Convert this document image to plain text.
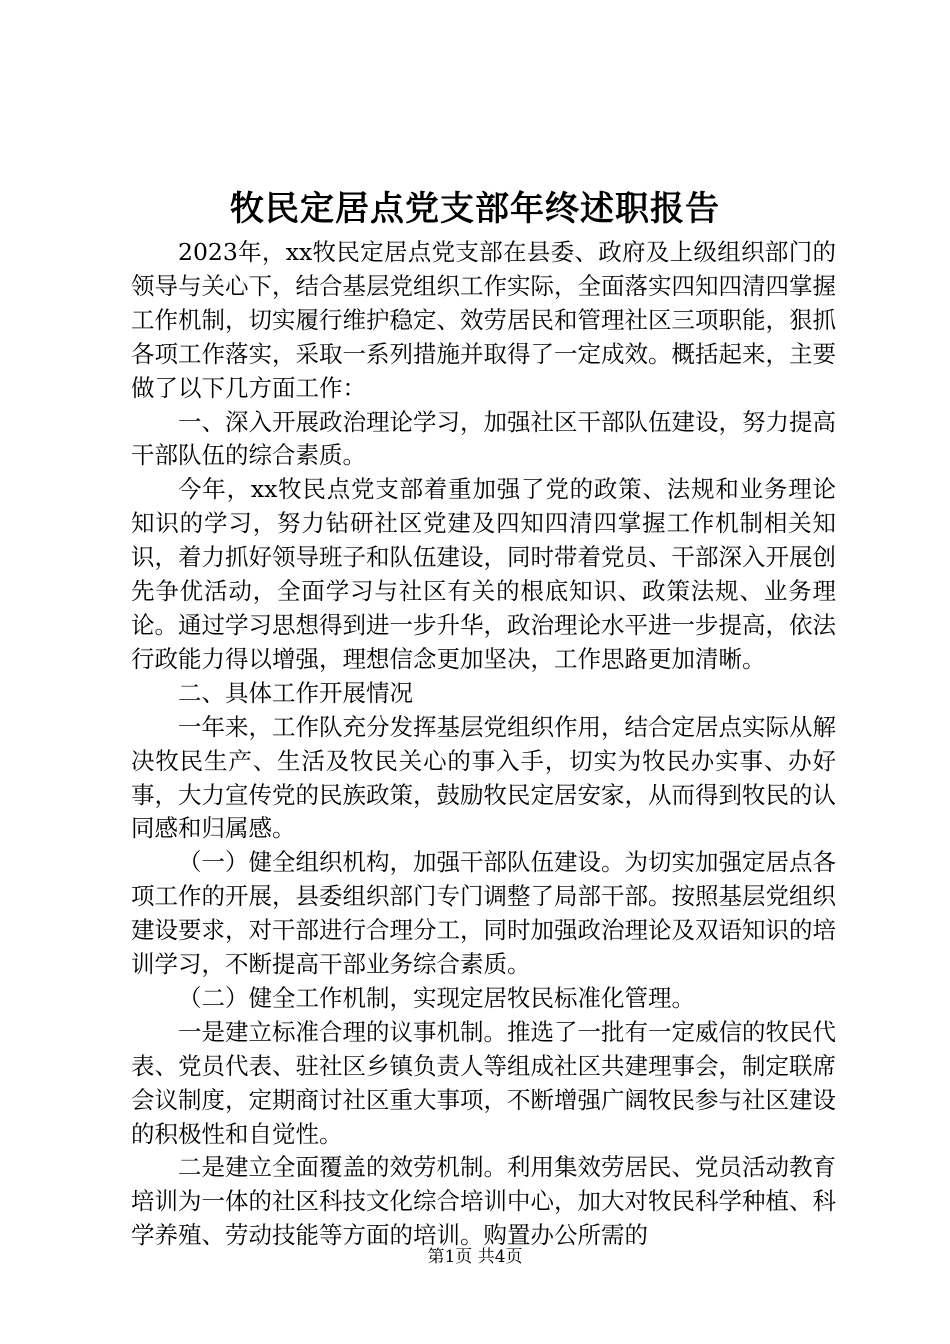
牧民定居点党支部年终述职报告

2023年，xx牧民定居点党支部在县委、政府及上级组织部门的领导与关心下，结合基层党组织工作实际，全面落实四知四清四掌握工作机制，切实履行维护稳定、效劳居民和管理社区三项职能，狠抓各项工作落实，采取一系列措施并取得了一定成效。概括起来，主要做了以下几方面工作：

一、深入开展政治理论学习，加强社区干部队伍建设，努力提高干部队伍的综合素质。

今年，xx牧民点党支部着重加强了党的政策、法规和业务理论知识的学习，努力钻研社区党建及四知四清四掌握工作机制相关知识，着力抓好领导班子和队伍建设，同时带着党员、干部深入开展创先争优活动，全面学习与社区有关的根底知识、政策法规、业务理论。通过学习思想得到进一步升华，政治理论水平进一步提高，依法行政能力得以增强，理想信念更加坚决，工作思路更加清晰。

二、具体工作开展情况

一年来，工作队充分发挥基层党组织作用，结合定居点实际从解决牧民生产、生活及牧民关心的事入手，切实为牧民办实事、办好事，大力宣传党的民族政策，鼓励牧民定居安家，从而得到牧民的认同感和归属感。

（一）健全组织机构，加强干部队伍建设。为切实加强定居点各项工作的开展，县委组织部门专门调整了局部干部。按照基层党组织建设要求，对干部进行合理分工，同时加强政治理论及双语知识的培训学习，不断提高干部业务综合素质。

（二）健全工作机制，实现定居牧民标准化管理。

一是建立标准合理的议事机制。推选了一批有一定威信的牧民代表、党员代表、驻社区乡镇负责人等组成社区共建理事会，制定联席会议制度，定期商讨社区重大事项，不断增强广阔牧民参与社区建设的积极性和自觉性。

二是建立全面覆盖的效劳机制。利用集效劳居民、党员活动教育培训为一体的社区科技文化综合培训中心，加大对牧民科学种植、科学养殖、劳动技能等方面的培训。购置办公所需的

第1页 共4页
